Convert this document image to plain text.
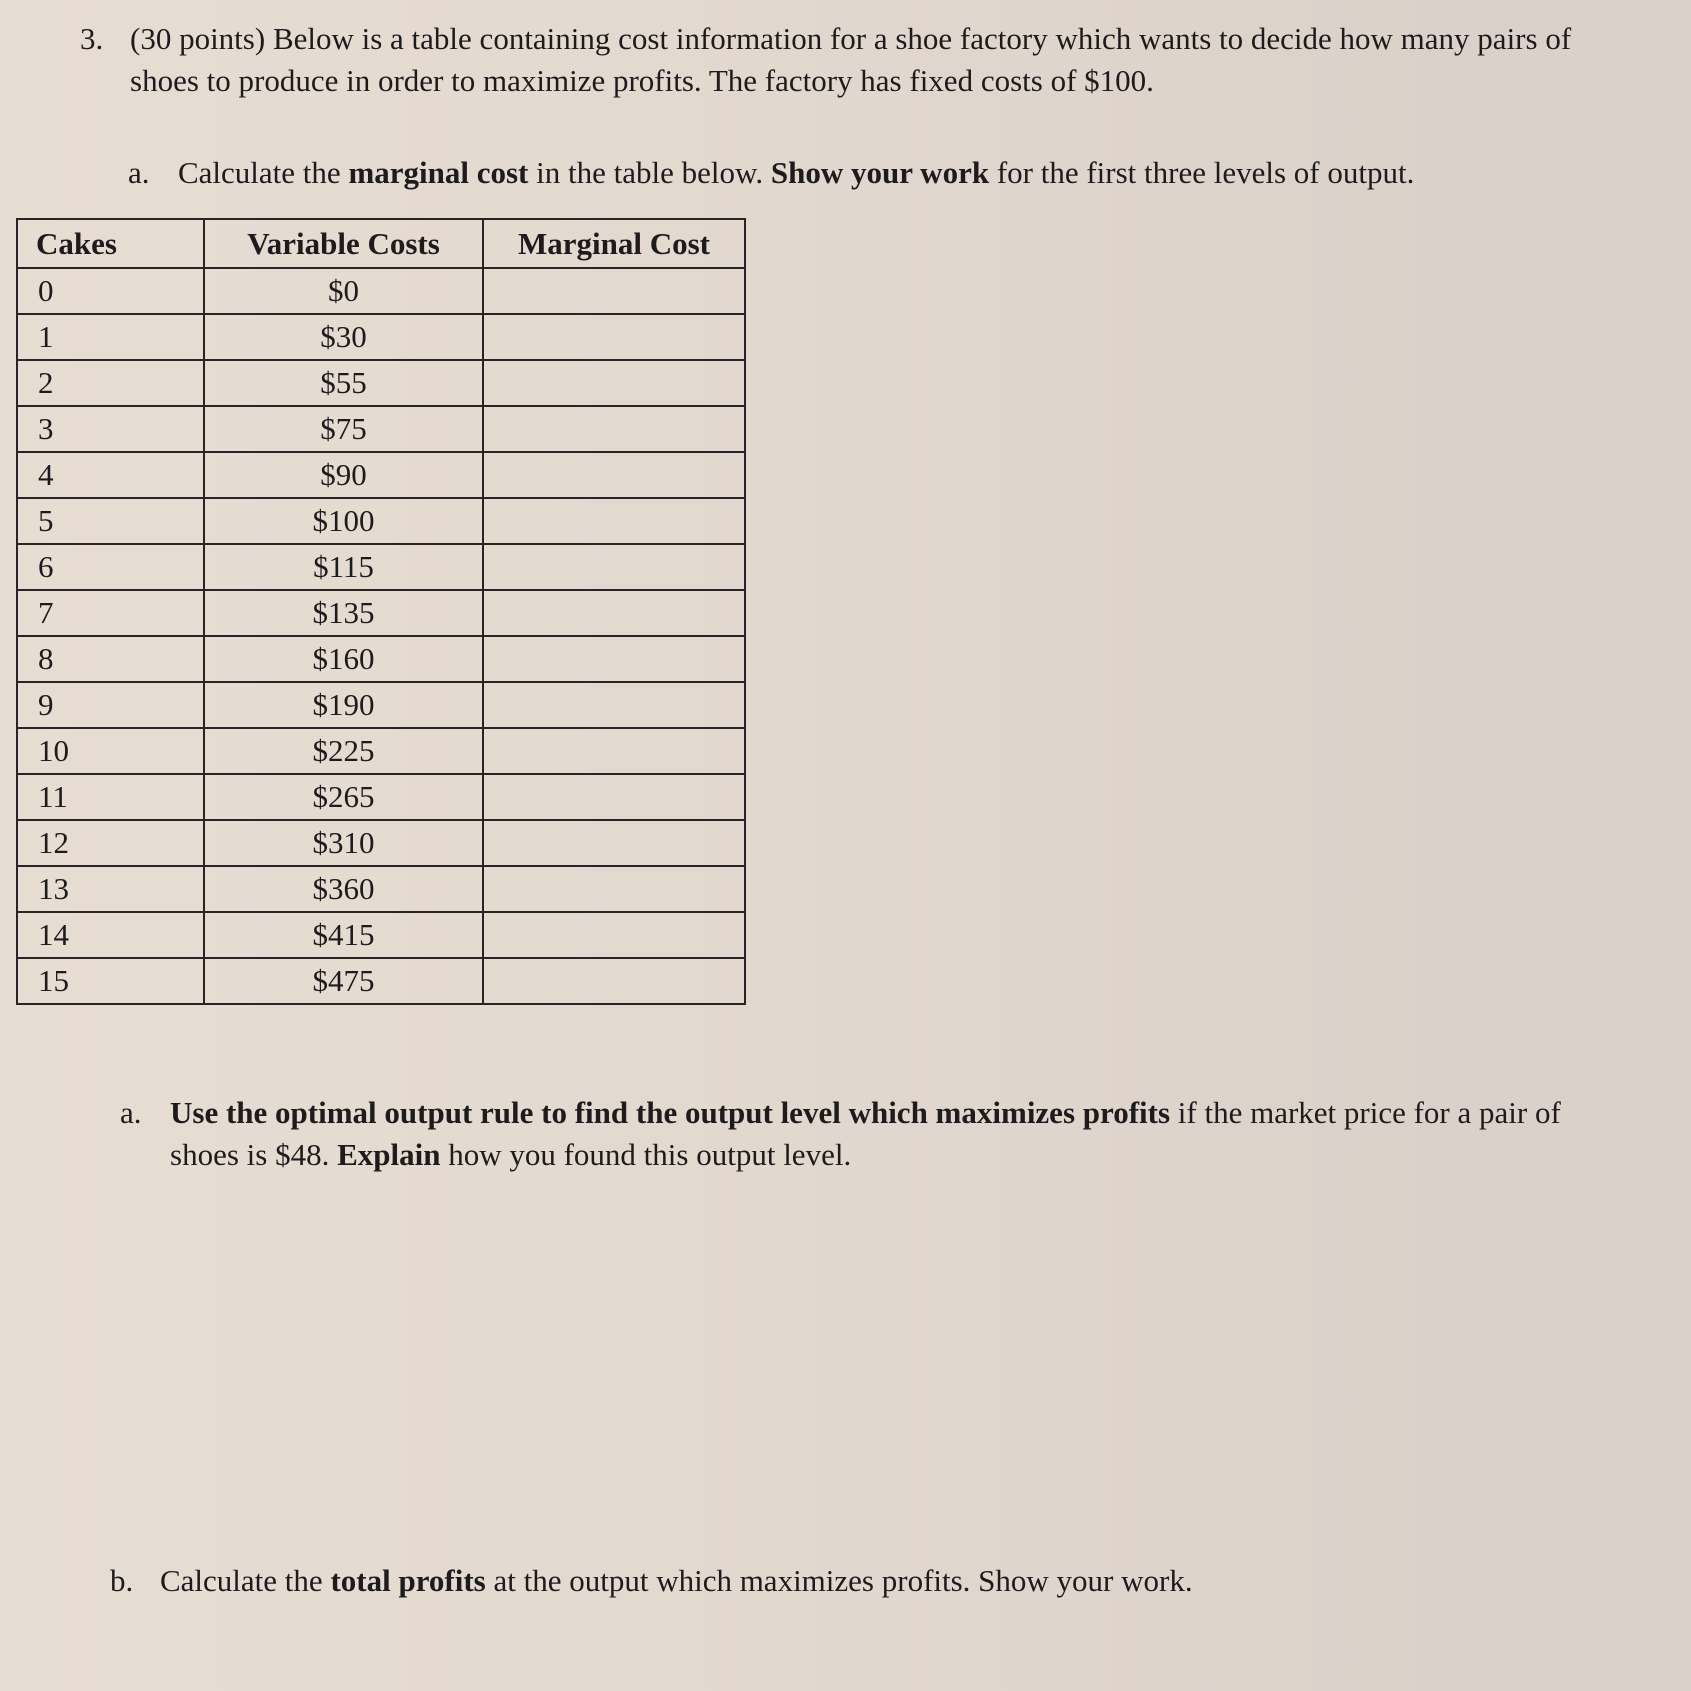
3. (30 points) Below is a table containing cost information for a shoe factory which wants to decide how many pairs of shoes to produce in order to maximize profits. The factory has fixed costs of $100.
a. Calculate the marginal cost in the table below. Show your work for the first three levels of output.
Cakes	Variable Costs	Marginal Cost
0	$0	
1	$30	
2	$55	
3	$75	
4	$90	
5	$100	
6	$115	
7	$135	
8	$160	
9	$190	
10	$225	
11	$265	
12	$310	
13	$360	
14	$415	
15	$475	
a. Use the optimal output rule to find the output level which maximizes profits if the market price for a pair of shoes is $48. Explain how you found this output level.
b. Calculate the total profits at the output which maximizes profits. Show your work.
